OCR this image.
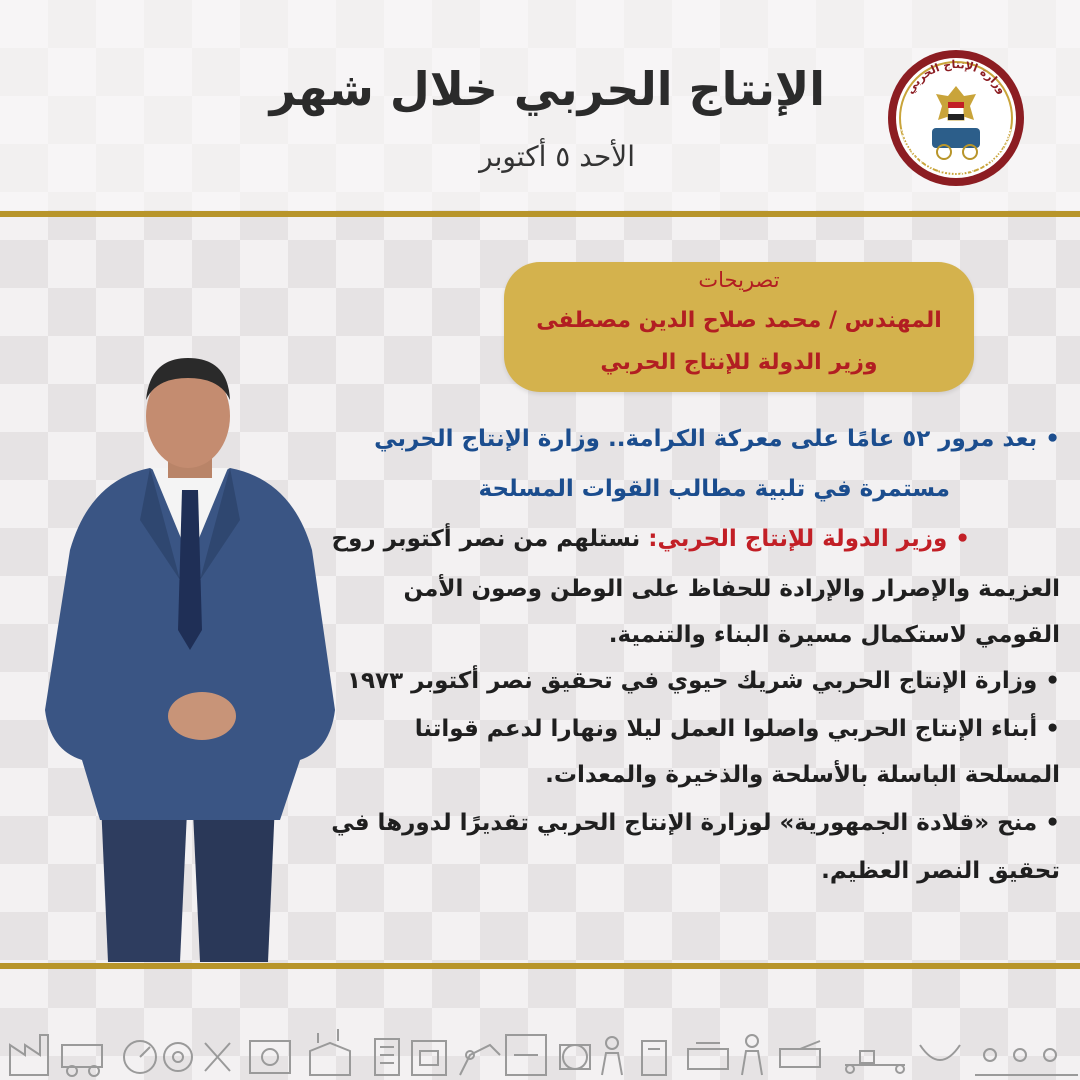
الإنتاج الحربي خلال شهر
الأحد ٥ أكتوبر
وزارة الإنتاج الحربي
Ministry of Military Production
تصريحات
المهندس / محمد صلاح الدين مصطفى
وزير الدولة للإنتاج الحربي
• بعد مرور ٥٢ عامًا على معركة الكرامة.. وزارة الإنتاج الحربي
مستمرة في تلبية مطالب القوات المسلحة
• وزير الدولة للإنتاج الحربي: نستلهم من نصر أكتوبر روح
العزيمة والإصرار والإرادة للحفاظ على الوطن وصون الأمن
القومي لاستكمال مسيرة البناء والتنمية.
• وزارة الإنتاج الحربي شريك حيوي في تحقيق نصر أكتوبر ١٩٧٣
• أبناء الإنتاج الحربي واصلوا العمل ليلا ونهارا لدعم قواتنا
المسلحة الباسلة بالأسلحة والذخيرة والمعدات.
• منح «قلادة الجمهورية» لوزارة الإنتاج الحربي تقديرًا لدورها في
تحقيق النصر العظيم.
